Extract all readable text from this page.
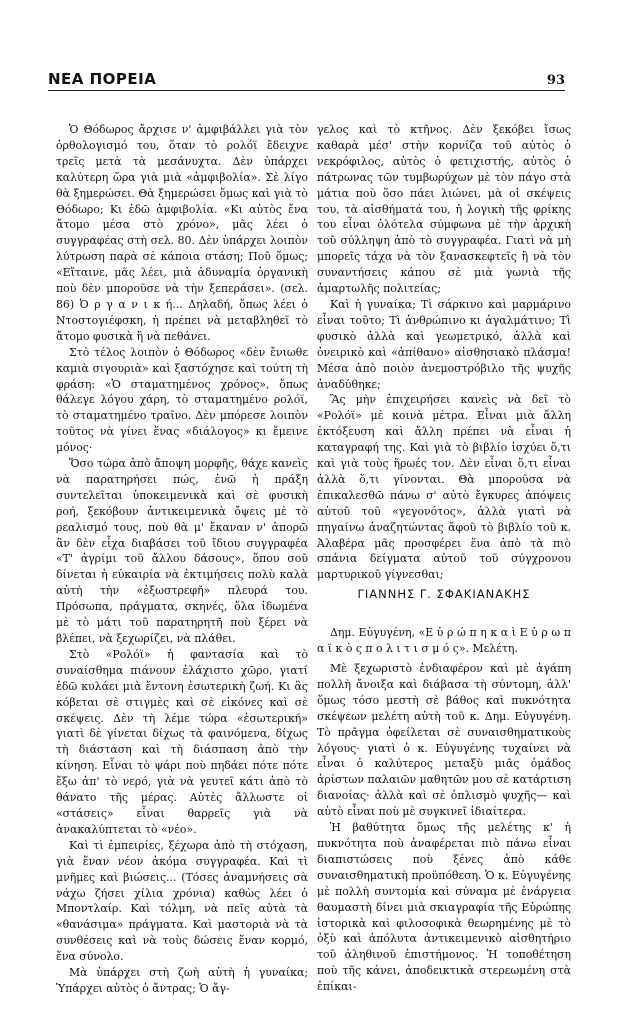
ΝΕΑ ΠΟΡΕΙΑ	93

Ὁ Θόδωρος ἄρχισε ν' ἀμφιβάλλει γιὰ τὸν ὀρθολογισμό του, ὅταν τὸ ρολόϊ ἔδειχνε τρεῖς μετὰ τὰ μεσάνυχτα. Δὲν ὑπάρχει καλύτερη ὥρα γιὰ μιὰ «ἀμφιβολία». Σὲ λίγο θὰ ξημερώσει. Θὰ ξημερώσει ὅμως καὶ γιὰ τὸ Θόδωρο; Κι ἐδῶ ἀμφιβολία. «Κι αὐτὸς ἕνα ἄτομο μέσα στὸ χρόνο», μᾶς λέει ὁ συγγραφέας στὴ σελ. 80. Δὲν ὑπάρχει λοιπὸν λύτρωση παρὰ σὲ κάποια στάση; Ποῦ ὅμως; «Εἴταινε, μᾶς λέει, μιὰ ἀδυναμία ὀργανικὴ ποὺ δὲν μποροῦσε νὰ τὴν ξεπεράσει». (σελ. 86) Ὀ ρ γ α ν ι κ ή... Δηλαδή, ὅπως λέει ὁ Ντοστογιέφσκη, ἡ πρέπει νὰ μεταβληθεῖ τὸ ἄτομο φυσικὰ ἢ νὰ πεθάνει.

Στὸ τέλος λοιπὸν ὁ Θόδωρος «δὲν ἔνιωθε καμιὰ σιγουριὰ» καὶ ξαστόχησε καὶ τούτη τὴ φράση: «Ὁ σταματημένος χρόνος», ὅπως θάλεγε λόγου χάρη, τὸ σταματημένο ρολόϊ, τὸ σταματημένο τραῖνο. Δὲν μπόρεσε λοιπὸν τοῦτος νὰ γίνει ἕνας «διάλογος» κι ἔμεινε μόνος·

Ὅσο τώρα ἀπὸ ἄποψη μορφῆς, θάχε κανεὶς νὰ παρατηρήσει πώς, ἐνῶ ἡ πράξη συντελεῖται ὑποκειμενικὰ καὶ σὲ φυσικὴ ροή, ξεκόβουν ἀντικειμενικὰ ὄψεις μὲ τὸ ρεαλισμό τους, ποὺ θὰ μ' ἔκαναν ν' ἀπορῶ ἂν δὲν εἶχα διαβάσει τοῦ ἴδιου συγγραφέα «Τ' ἀγρίμι τοῦ ἄλλου δάσους», ὅπου σοῦ δίνεται ἡ εὐκαιρία νὰ ἐκτιμήσεις πολὺ καλὰ αὐτὴ τὴν «ἐξωστρεφῆ» πλευρά του. Πρόσωπα, πράγματα, σκηνές, ὅλα ἰδωμένα μὲ τὸ μάτι τοῦ παρατηρητῆ ποὺ ξέρει νὰ βλέπει, νὰ ξεχωρίζει, νὰ πλάθει.

Στὸ «Ρολόϊ» ἡ φαντασία καὶ τὸ συναίσθημα πιάνουν ἐλάχιστο χῶρο, γιατί ἐδῶ κυλάει μιὰ ἔντονη ἐσωτερικὴ ζωή. Κι ἂς κόβεται σὲ στιγμὲς καὶ σὲ εἰκόνες καὶ σὲ σκέψεις. Δὲν τὴ λέμε τώρα «ἐσωτερική» γιατὶ δὲ γίνεται δίχως τὰ φαινόμενα, δίχως τὴ διάσταση καὶ τὴ διάσπαση ἀπὸ τὴν κίνηση. Εἶναι τὸ ψάρι ποὺ πηδάει πότε πότε ἔξω ἀπ' τὸ νερό, γιὰ νὰ γευτεῖ κάτι ἀπὸ τὸ θάνατο τῆς μέρας. Αὐτὲς ἄλλωστε οἱ «στάσεις» εἶναι θαρρεῖς γιὰ νὰ ἀνακαλύπτεται τὸ «νέο».

Καὶ τὶ ἐμπειρίες, ξέχωρα ἀπὸ τὴ στόχαση, γιὰ ἕναν νέον ἀκόμα συγγραφέα. Καὶ τὶ μνῆμες καὶ βιώσεις... (Τόσες ἀναμνήσεις σὰ νάχω ζήσει χίλια χρόνια) καθὼς λέει ὁ Μποντλαίρ. Καὶ τόλμη, νὰ πεῖς αὐτὰ τὰ «θανάσιμα» πράγματα. Καὶ μαστοριὰ νὰ τὰ συνθέσεις καὶ νὰ τοὺς δώσεις ἕναν κορμό, ἕνα σύνολο.

Μὰ ὑπάρχει στὴ ζωὴ αὐτὴ ἡ γυναίκα; Ὑπάρχει αὐτὸς ὁ ἄντρας; Ὁ ἄγ-

γελος καὶ τὸ κτῆνος. Δὲν ξεκόβει ἴσως καθαρὰ μέσ' στὴν κορνίζα τοῦ αὐτὸς ὁ νεκρόφιλος, αὐτὸς ὁ φετιχιστής, αὐτὸς ὁ πάτρωνας τῶν τυμβωρύχων μὲ τὸν πάγο στὰ μάτια ποὺ ὅσο πάει λιώνει, μὰ οἱ σκέψεις του, τὰ αἰσθήματά του, ἡ λογικὴ τῆς φρίκης του εἶναι ὁλότελα σύμφωνα μὲ τὴν ἀρχικὴ τοῦ σύλληψη ἀπὸ τὸ συγγραφέα. Γιατὶ νὰ μὴ μπορεῖς τάχα νὰ τὸν ξανασκεφτεῖς ἢ νὰ τὸν συναντήσεις κάπου σὲ μιὰ γωνιὰ τῆς ἀμαρτωλῆς πολιτείας;

Καὶ ἡ γυναίκα; Τὶ σάρκινο καὶ μαρμάρινο εἶναι τοῦτο; Τὶ ἀνθρώπινο κι ἀγαλμάτινο; Τὶ φυσικὸ ἀλλὰ καὶ γεωμετρικό, ἀλλὰ καὶ ὀνειρικὸ καὶ «ἀπίθανο» αἰσθησιακὸ πλάσμα! Μέσα ἀπὸ ποιὸν ἀνεμοστρόβιλο τῆς ψυχῆς ἀναδύθηκε;

Ἂς μὴν ἐπιχειρήσει κανεὶς νὰ δεῖ τὸ «Ρολόϊ» μὲ κοινὰ μέτρα. Εἶναι μιὰ ἄλλη ἐκτόξευση καὶ ἄλλη πρέπει νὰ εἶναι ἡ καταγραφή της. Καὶ γιὰ τὸ βιβλίο ἰσχύει ὅ,τι καὶ γιὰ τοὺς ἥρωές τον. Δὲν εἶναι ὅ,τι εἶναι ἀλλὰ ὅ,τι γίνονται. Θὰ μποροῦσα νὰ ἐπικαλεσθῶ πάνω σ' αὐτὸ ἔγκυρες ἀπόψεις αὐτοῦ τοῦ «γεγονότος», ἀλλὰ γιατὶ νὰ πηγαίνω ἀναζητώντας ἄφοῦ τὸ βιβλίο τοῦ κ. Ἀλαβέρα μᾶς προσφέρει ἕνα ἀπὸ τὰ πιὸ σπάνια δείγματα αὐτοῦ τοῦ σύγχρονου μαρτυρικοῦ γίγνεσθαι;

ΓΙΑΝΝΗΣ Γ. ΣΦΑΚΙΑΝΑΚΗΣ

Δημ. Εὐγυγένη, «Ε ὐ ρ ώ π η κ α ὶ Ε ὐ ρ ω π α ϊ κ ὸ ς π ο λ ι τ ι σ μ ό ς». Μελέτη.

Μὲ ξεχωριστὸ ἐνδιαφέρον καὶ μὲ ἀγάπη πολλὴ ἄνοιξα καὶ διάβασα τὴ σύντομη, ἀλλ' ὅμως τόσο μεστὴ σὲ βάθος καὶ πυκνότητα σκέψεων μελέτη αὐτὴ τοῦ κ. Δημ. Εὐγυγένη. Τὸ πρᾶγμα ὀφείλεται σὲ συναισθηματικοὺς λόγους· γιατὶ ὁ κ. Εὐγυγένης τυχαίνει νὰ εἶναι ὁ καλύτερος μεταξὺ μιᾶς ὁμάδος ἀρίστων παλαιῶν μαθητῶν μου σὲ κατάρτιση διανοίας· ἀλλὰ καὶ σὲ ὁπλισμὸ ψυχῆς— καὶ αὐτὸ εἶναι ποὺ μὲ συγκινεῖ ἰδιαίτερα.

Ἡ βαθύτητα ὅμως τῆς μελέτης κ' ἡ πυκνότητα ποὺ ἀναφέρεται πιὸ πάνω εἶναι διαπιστώσεις ποὺ ξένες ἀπὸ κάθε συναισθηματικὴ προϋπόθεση. Ὁ κ. Εὐγυγένης μὲ πολλὴ συντομία καὶ σύναμα μὲ ἐνάργεια θαυμαστὴ δίνει μιὰ σκιαγραφία τῆς Εὐρώπης ἱστορικὰ καὶ φιλοσοφικὰ θεωρημένης μὲ τὸ ὀξὺ καὶ ἀπόλυτα ἀντικειμενικὸ αἰσθητήριο τοῦ ἀληθινοῦ ἐπιστήμονος. Ἡ τοποθέτηση ποὺ τῆς κάνει, ἀποδεικτικὰ στερεωμένη στὰ ἐπίκαι-
